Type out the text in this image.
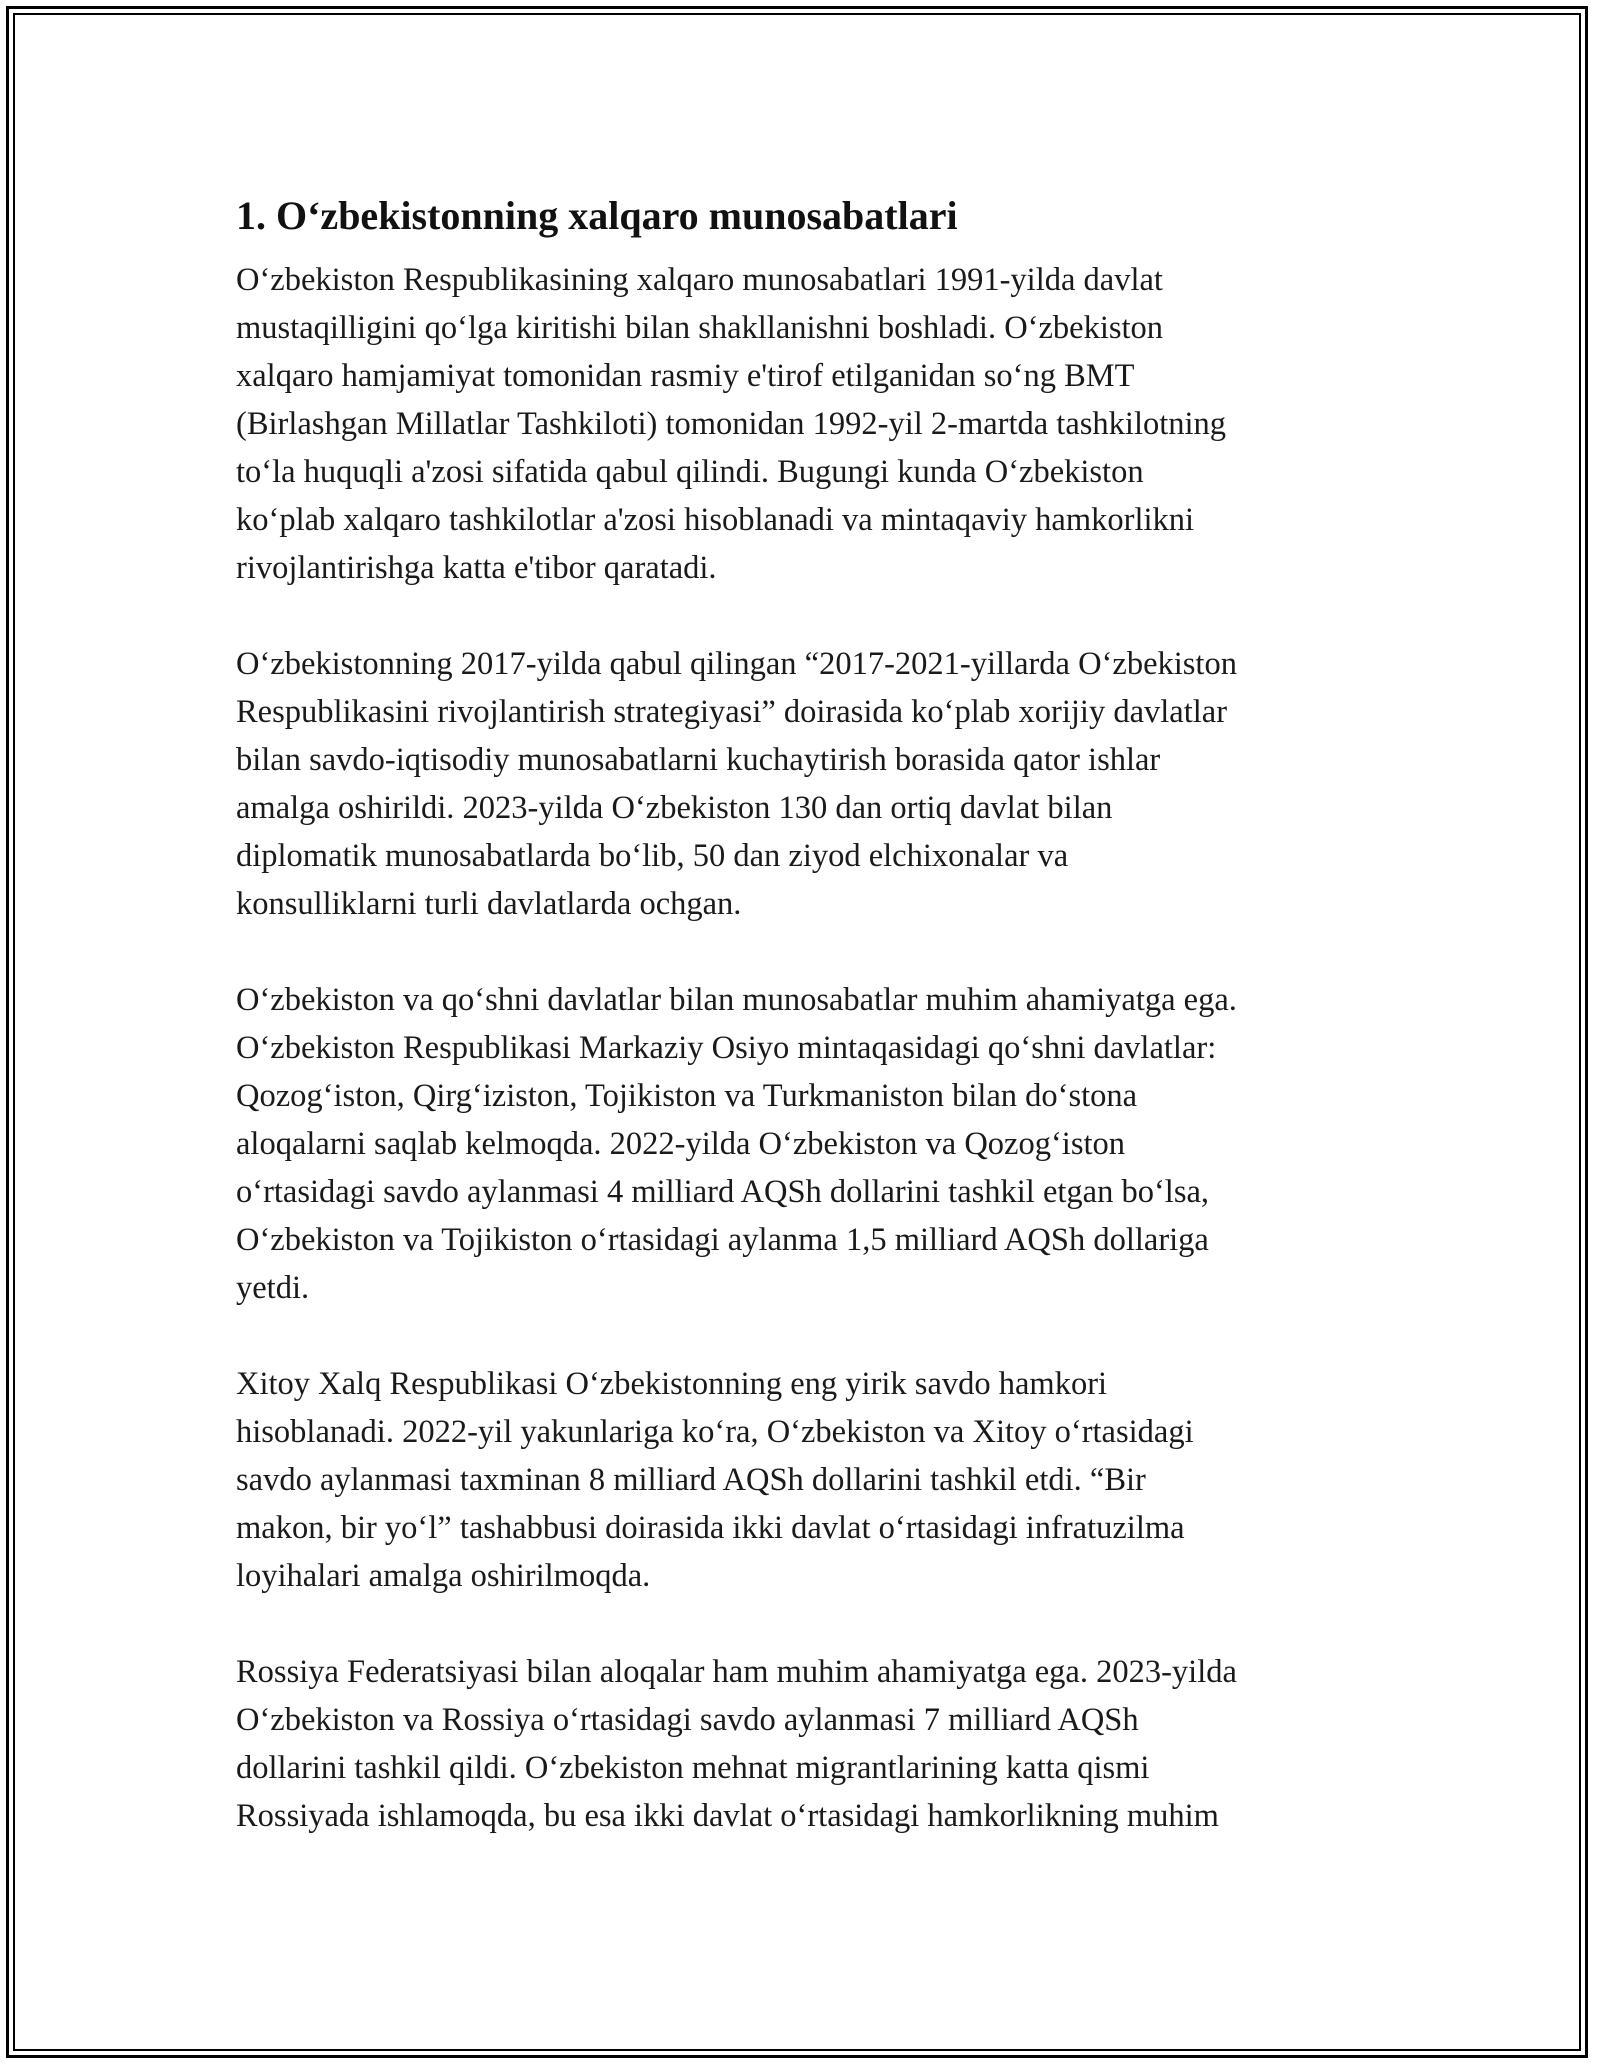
1. O‘zbekistonning xalqaro munosabatlari

O‘zbekiston Respublikasining xalqaro munosabatlari 1991-yilda davlat
mustaqilligini qo‘lga kiritishi bilan shakllanishni boshladi. O‘zbekiston
xalqaro hamjamiyat tomonidan rasmiy e'tirof etilganidan so‘ng BMT
(Birlashgan Millatlar Tashkiloti) tomonidan 1992-yil 2-martda tashkilotning
to‘la huquqli a'zosi sifatida qabul qilindi. Bugungi kunda O‘zbekiston
ko‘plab xalqaro tashkilotlar a'zosi hisoblanadi va mintaqaviy hamkorlikni
rivojlantirishga katta e'tibor qaratadi.

O‘zbekistonning 2017-yilda qabul qilingan “2017-2021-yillarda O‘zbekiston
Respublikasini rivojlantirish strategiyasi” doirasida ko‘plab xorijiy davlatlar
bilan savdo-iqtisodiy munosabatlarni kuchaytirish borasida qator ishlar
amalga oshirildi. 2023-yilda O‘zbekiston 130 dan ortiq davlat bilan
diplomatik munosabatlarda bo‘lib, 50 dan ziyod elchixonalar va
konsulliklarni turli davlatlarda ochgan.

O‘zbekiston va qo‘shni davlatlar bilan munosabatlar muhim ahamiyatga ega.
O‘zbekiston Respublikasi Markaziy Osiyo mintaqasidagi qo‘shni davlatlar:
Qozog‘iston, Qirg‘iziston, Tojikiston va Turkmaniston bilan do‘stona
aloqalarni saqlab kelmoqda. 2022-yilda O‘zbekiston va Qozog‘iston
o‘rtasidagi savdo aylanmasi 4 milliard AQSh dollarini tashkil etgan bo‘lsa,
O‘zbekiston va Tojikiston o‘rtasidagi aylanma 1,5 milliard AQSh dollariga
yetdi.

Xitoy Xalq Respublikasi O‘zbekistonning eng yirik savdo hamkori
hisoblanadi. 2022-yil yakunlariga ko‘ra, O‘zbekiston va Xitoy o‘rtasidagi
savdo aylanmasi taxminan 8 milliard AQSh dollarini tashkil etdi. “Bir
makon, bir yo‘l” tashabbusi doirasida ikki davlat o‘rtasidagi infratuzilma
loyihalari amalga oshirilmoqda.

Rossiya Federatsiyasi bilan aloqalar ham muhim ahamiyatga ega. 2023-yilda
O‘zbekiston va Rossiya o‘rtasidagi savdo aylanmasi 7 milliard AQSh
dollarini tashkil qildi. O‘zbekiston mehnat migrantlarining katta qismi
Rossiyada ishlamoqda, bu esa ikki davlat o‘rtasidagi hamkorlikning muhim
